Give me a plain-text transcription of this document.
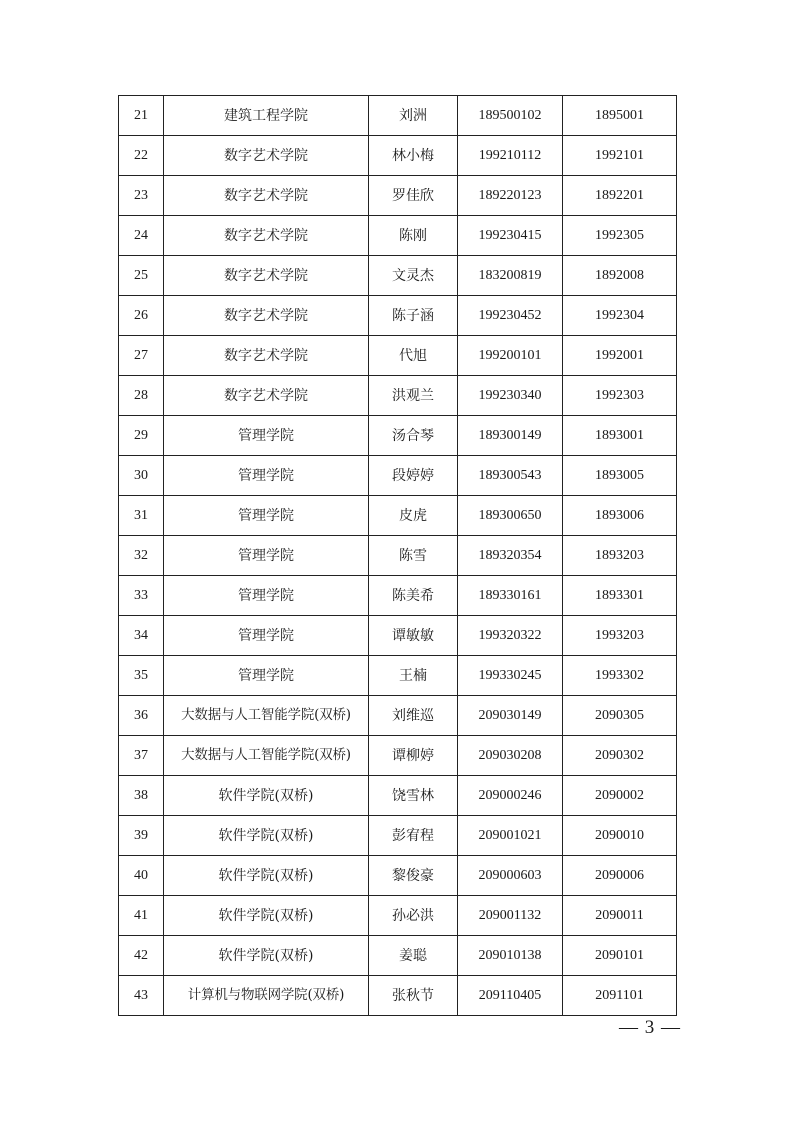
21	建筑工程学院	刘洲	189500102	1895001
22	数字艺术学院	林小梅	199210112	1992101
23	数字艺术学院	罗佳欣	189220123	1892201
24	数字艺术学院	陈刚	199230415	1992305
25	数字艺术学院	文灵杰	183200819	1892008
26	数字艺术学院	陈子涵	199230452	1992304
27	数字艺术学院	代旭	199200101	1992001
28	数字艺术学院	洪观兰	199230340	1992303
29	管理学院	汤合琴	189300149	1893001
30	管理学院	段婷婷	189300543	1893005
31	管理学院	皮虎	189300650	1893006
32	管理学院	陈雪	189320354	1893203
33	管理学院	陈美希	189330161	1893301
34	管理学院	谭敏敏	199320322	1993203
35	管理学院	王楠	199330245	1993302
36	大数据与人工智能学院(双桥)	刘维巡	209030149	2090305
37	大数据与人工智能学院(双桥)	谭柳婷	209030208	2090302
38	软件学院(双桥)	饶雪林	209000246	2090002
39	软件学院(双桥)	彭宥程	209001021	2090010
40	软件学院(双桥)	黎俊豪	209000603	2090006
41	软件学院(双桥)	孙必洪	209001132	2090011
42	软件学院(双桥)	姜聪	209010138	2090101
43	计算机与物联网学院(双桥)	张秋节	209110405	2091101
— 3 —
